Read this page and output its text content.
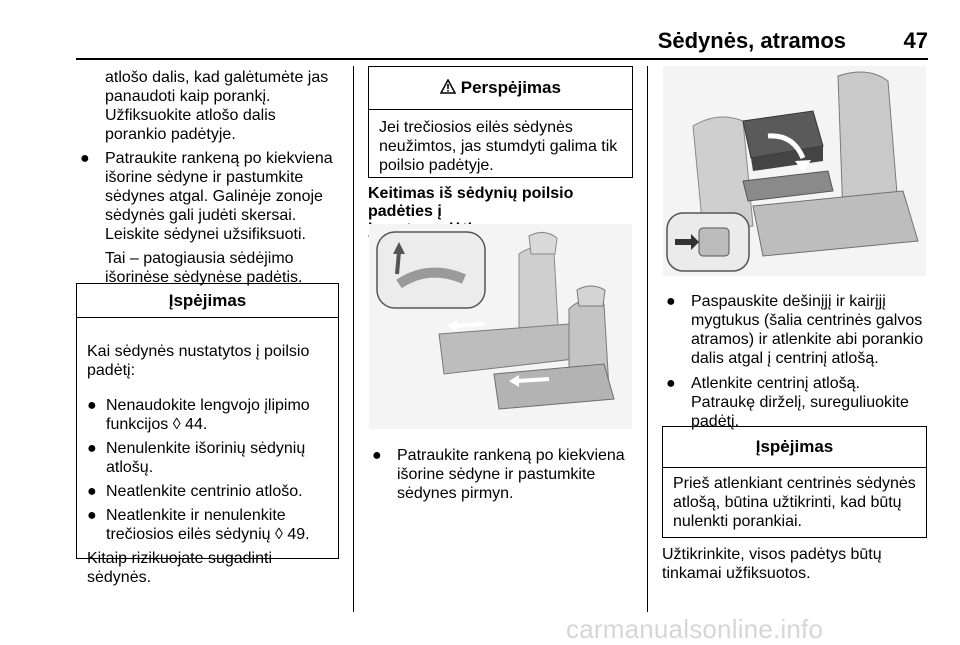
Sėdynės, atramos	47

atlošo dalis, kad galėtumėte jas
panaudoti kaip porankį.
Užfiksuokite atlošo dalis
porankio padėtyje.

● Patraukite rankeną po kiekviena
išorine sėdyne ir pastumkite
sėdynes atgal. Galinėje zonoje
sėdynės gali judėti skersai.
Leiskite sėdynei užsifiksuoti.

Tai – patogiausia sėdėjimo
išorinėse sėdynėse padėtis.

Įspėjimas

Kai sėdynės nustatytos į poilsio
padėtį:

● Nenaudokite lengvojo įlipimo
funkcijos ◊ 44.

● Nenulenkite išorinių sėdynių
atlošų.

● Neatlenkite centrinio atlošo.

● Neatlenkite ir nenulenkite
trečiosios eilės sėdynių ◊ 49.

Kitaip rizikuojate sugadinti
sėdynės.

Perspėjimas
Jei trečiosios eilės sėdynės
neužimtos, jas stumdyti galima tik
poilsio padėtyje.
Keitimas iš sėdynių poilsio padėties į

● Patraukite rankeną po kiekviena
išorine sėdyne ir pastumkite
sėdynes pirmyn.

● Paspauskite dešinįjį ir kairįjį
mygtukus (šalia centrinės galvos
atramos) ir atlenkite abi porankio
dalis atgal į centrinį atlošą.

● Atlenkite centrinį atlošą.
Patraukę dirželį, sureguliuokite
padėtį.

Įspėjimas
Prieš atlenkiant centrinės sėdynės
atlošą, būtina užtikrinti, kad būtų
nulenkti porankiai.

Užtikrinkite, visos padėtys būtų
tinkamai užfiksuotos.

carmanualsonline.info
